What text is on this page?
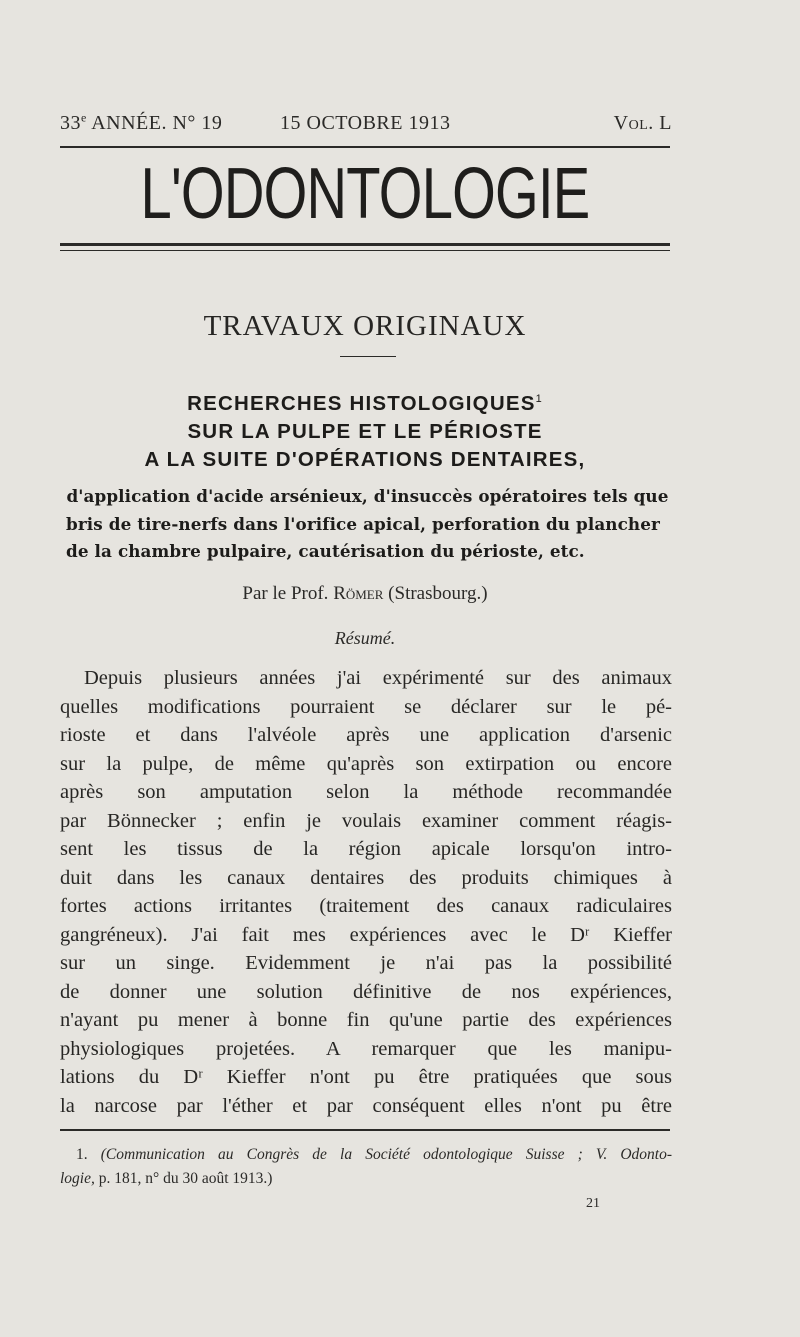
33e ANNÉE. N° 19	15 OCTOBRE 1913	Vol. L
L'ODONTOLOGIE
TRAVAUX ORIGINAUX
RECHERCHES HISTOLOGIQUES$^1$
SUR LA PULPE ET LE PÉRIOSTE
A LA SUITE D'OPÉRATIONS DENTAIRES,
d'application d'acide arsénieux, d'insuccès opératoires tels que
bris de tire-nerfs dans l'orifice apical, perforation du plancher
de la chambre pulpaire, cautérisation du périoste, etc.
Par le Prof. Römer (Strasbourg.)
Résumé.
Depuis plusieurs années j'ai expérimenté sur des animaux
quelles modifications pourraient se déclarer sur le pé-
rioste et dans l'alvéole après une application d'arsenic
sur la pulpe, de même qu'après son extirpation ou encore
après son amputation selon la méthode recommandée
par Bönnecker ; enfin je voulais examiner comment réagis-
sent les tissus de la région apicale lorsqu'on intro-
duit dans les canaux dentaires des produits chimiques à
fortes actions irritantes (traitement des canaux radiculaires
gangréneux). J'ai fait mes expériences avec le Dʳ Kieffer
sur un singe. Evidemment je n'ai pas la possibilité
de donner une solution définitive de nos expériences,
n'ayant pu mener à bonne fin qu'une partie des expériences
physiologiques projetées. A remarquer que les manipu-
lations du Dʳ Kieffer n'ont pu être pratiquées que sous
la narcose par l'éther et par conséquent elles n'ont pu être
1. (Communication au Congrès de la Société odontologique Suisse ; V. Odonto-
logie, p. 181, n° du 30 août 1913.)
21
